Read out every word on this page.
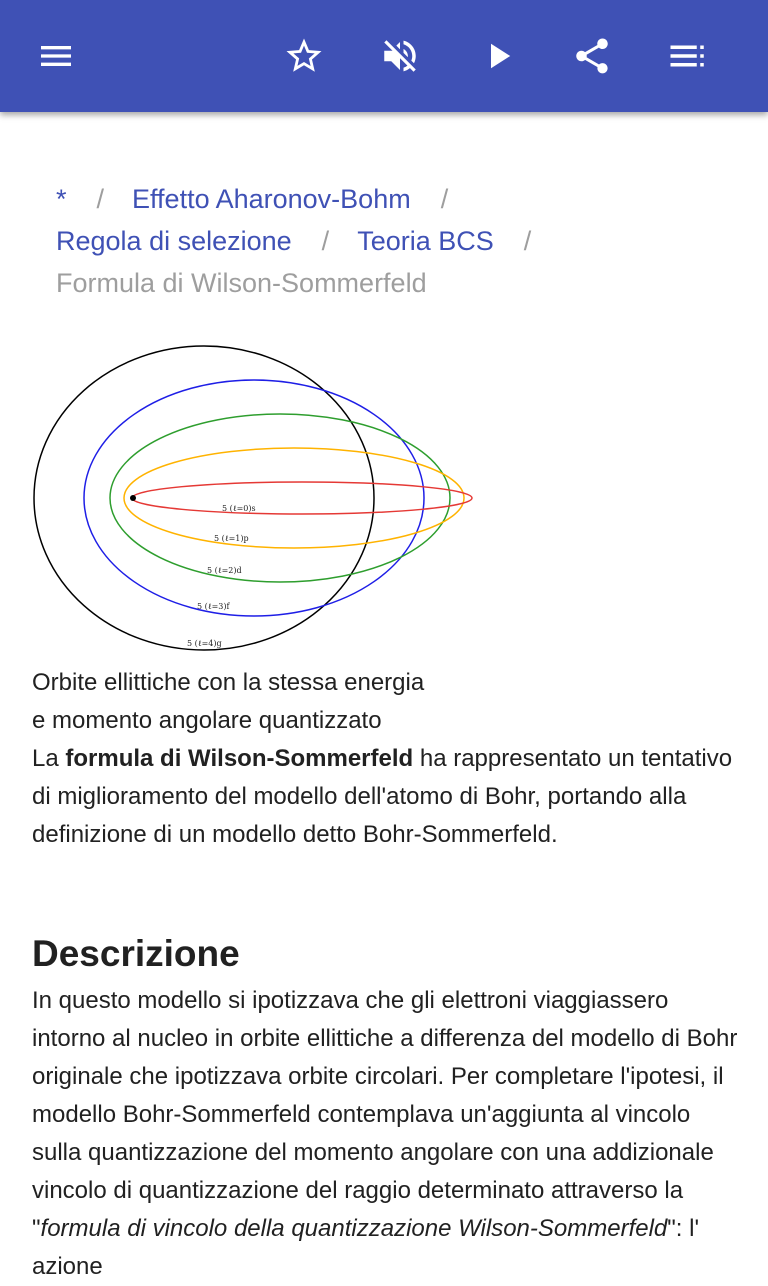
* / Effetto Aharonov-Bohm /
Regola di selezione / Teoria BCS /
Formula di Wilson-Sommerfeld
5 (ℓ=0)s
5 (ℓ=1)p
5 (ℓ=2)d
5 (ℓ=3)f
5 (ℓ=4)g
Orbite ellittiche con la stessa energia
e momento angolare quantizzato
La formula di Wilson-Sommerfeld ha rappresentato un tentativo di miglioramento del modello dell'atomo di Bohr, portando alla definizione di un modello detto Bohr-Sommerfeld.
Descrizione
In questo modello si ipotizzava che gli elettroni viaggiassero intorno al nucleo in orbite ellittiche a differenza del modello di Bohr originale che ipotizzava orbite circolari. Per completare l'ipotesi, il modello Bohr-Sommerfeld contemplava un'aggiunta al vincolo sulla quantizzazione del momento angolare con una addizionale vincolo di quantizzazione del raggio determinato attraverso la "formula di vincolo della quantizzazione Wilson-Sommerfeld": l' azione
